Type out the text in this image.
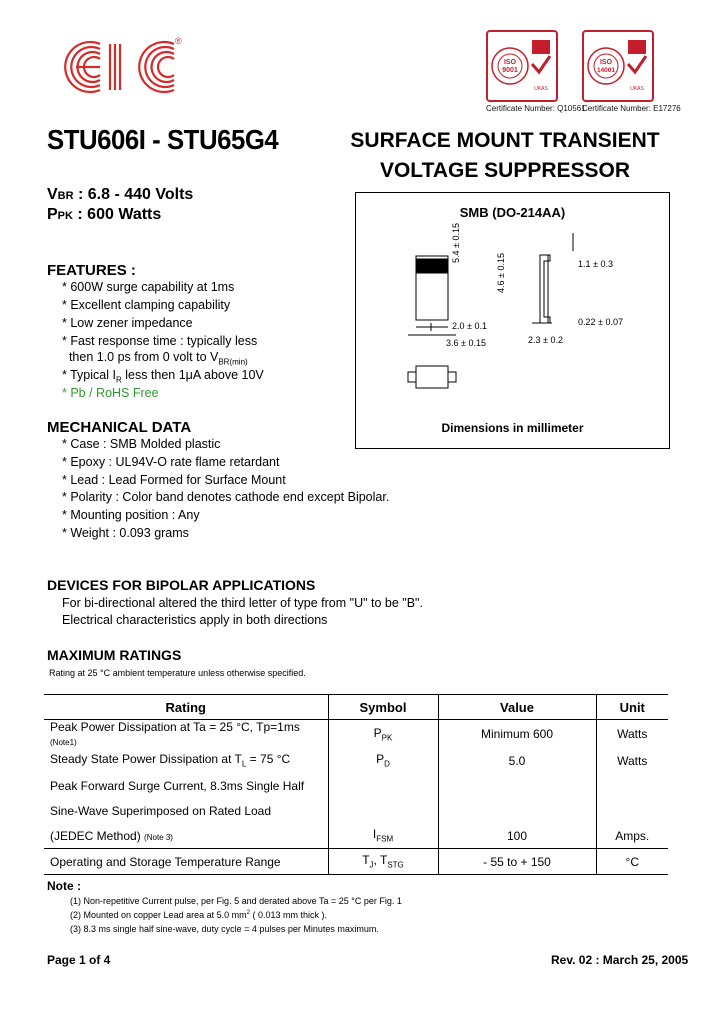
®
ISO
9001
UKAS
Certificate Number: Q10561
ISO
14001
UKAS
Certificate Number: E17276
STU606I - STU65G4	SURFACE MOUNT TRANSIENT
VOLTAGE SUPPRESSOR
VBR : 6.8 - 440 Volts
PPK : 600 Watts
FEATURES :
* 600W surge capability at 1ms
* Excellent clamping capability
* Low zener impedance
* Fast response time : typically less
then 1.0 ps from 0 volt to $V_{BR(min)}$
* Typical $I_R$ less then 1μA above 10V
* Pb / RoHS Free
MECHANICAL DATA
* Case : SMB Molded plastic
* Epoxy : UL94V-O rate flame retardant
* Lead : Lead Formed for Surface Mount
* Polarity : Color band denotes cathode end except Bipolar.
* Mounting position : Any
* Weight : 0.093 grams
SMB (DO-214AA)
5.4 ± 0.15
2.0 ± 0.1
3.6 ± 0.15
4.6 ± 0.15
2.3 ± 0.2
1.1 ± 0.3
0.22 ± 0.07
Dimensions in millimeter
DEVICES FOR BIPOLAR APPLICATIONS
For bi-directional altered the third letter of type from "U" to be "B".
Electrical characteristics apply in both directions
MAXIMUM RATINGS
Rating at 25 °C ambient temperature unless otherwise specified.
Rating	Symbol	Value	Unit
Peak Power Dissipation at Ta = 25 °C, Tp=1ms (Note1)	$P_{PK}$	Minimum 600	Watts
Steady State Power Dissipation at $T_L = 75$ °C	$P_D$	5.0	Watts
Peak Forward Surge Current, 8.3ms Single Half			
Sine-Wave Superimposed on Rated Load			
(JEDEC Method) (Note 3)	$I_{FSM}$	100	Amps.
Operating and Storage Temperature Range	$T_J$, $T_{STG}$	- 55 to + 150	°C
Note :
(1) Non-repetitive Current pulse, per Fig. 5 and derated above Ta = 25 °C per Fig. 1
(2) Mounted on copper Lead area at 5.0 $mm^2$ ( 0.013 mm thick ).
(3) 8.3 ms single half sine-wave, duty cycle = 4 pulses per Minutes maximum.
Page 1 of 4	Rev. 02 : March 25, 2005
